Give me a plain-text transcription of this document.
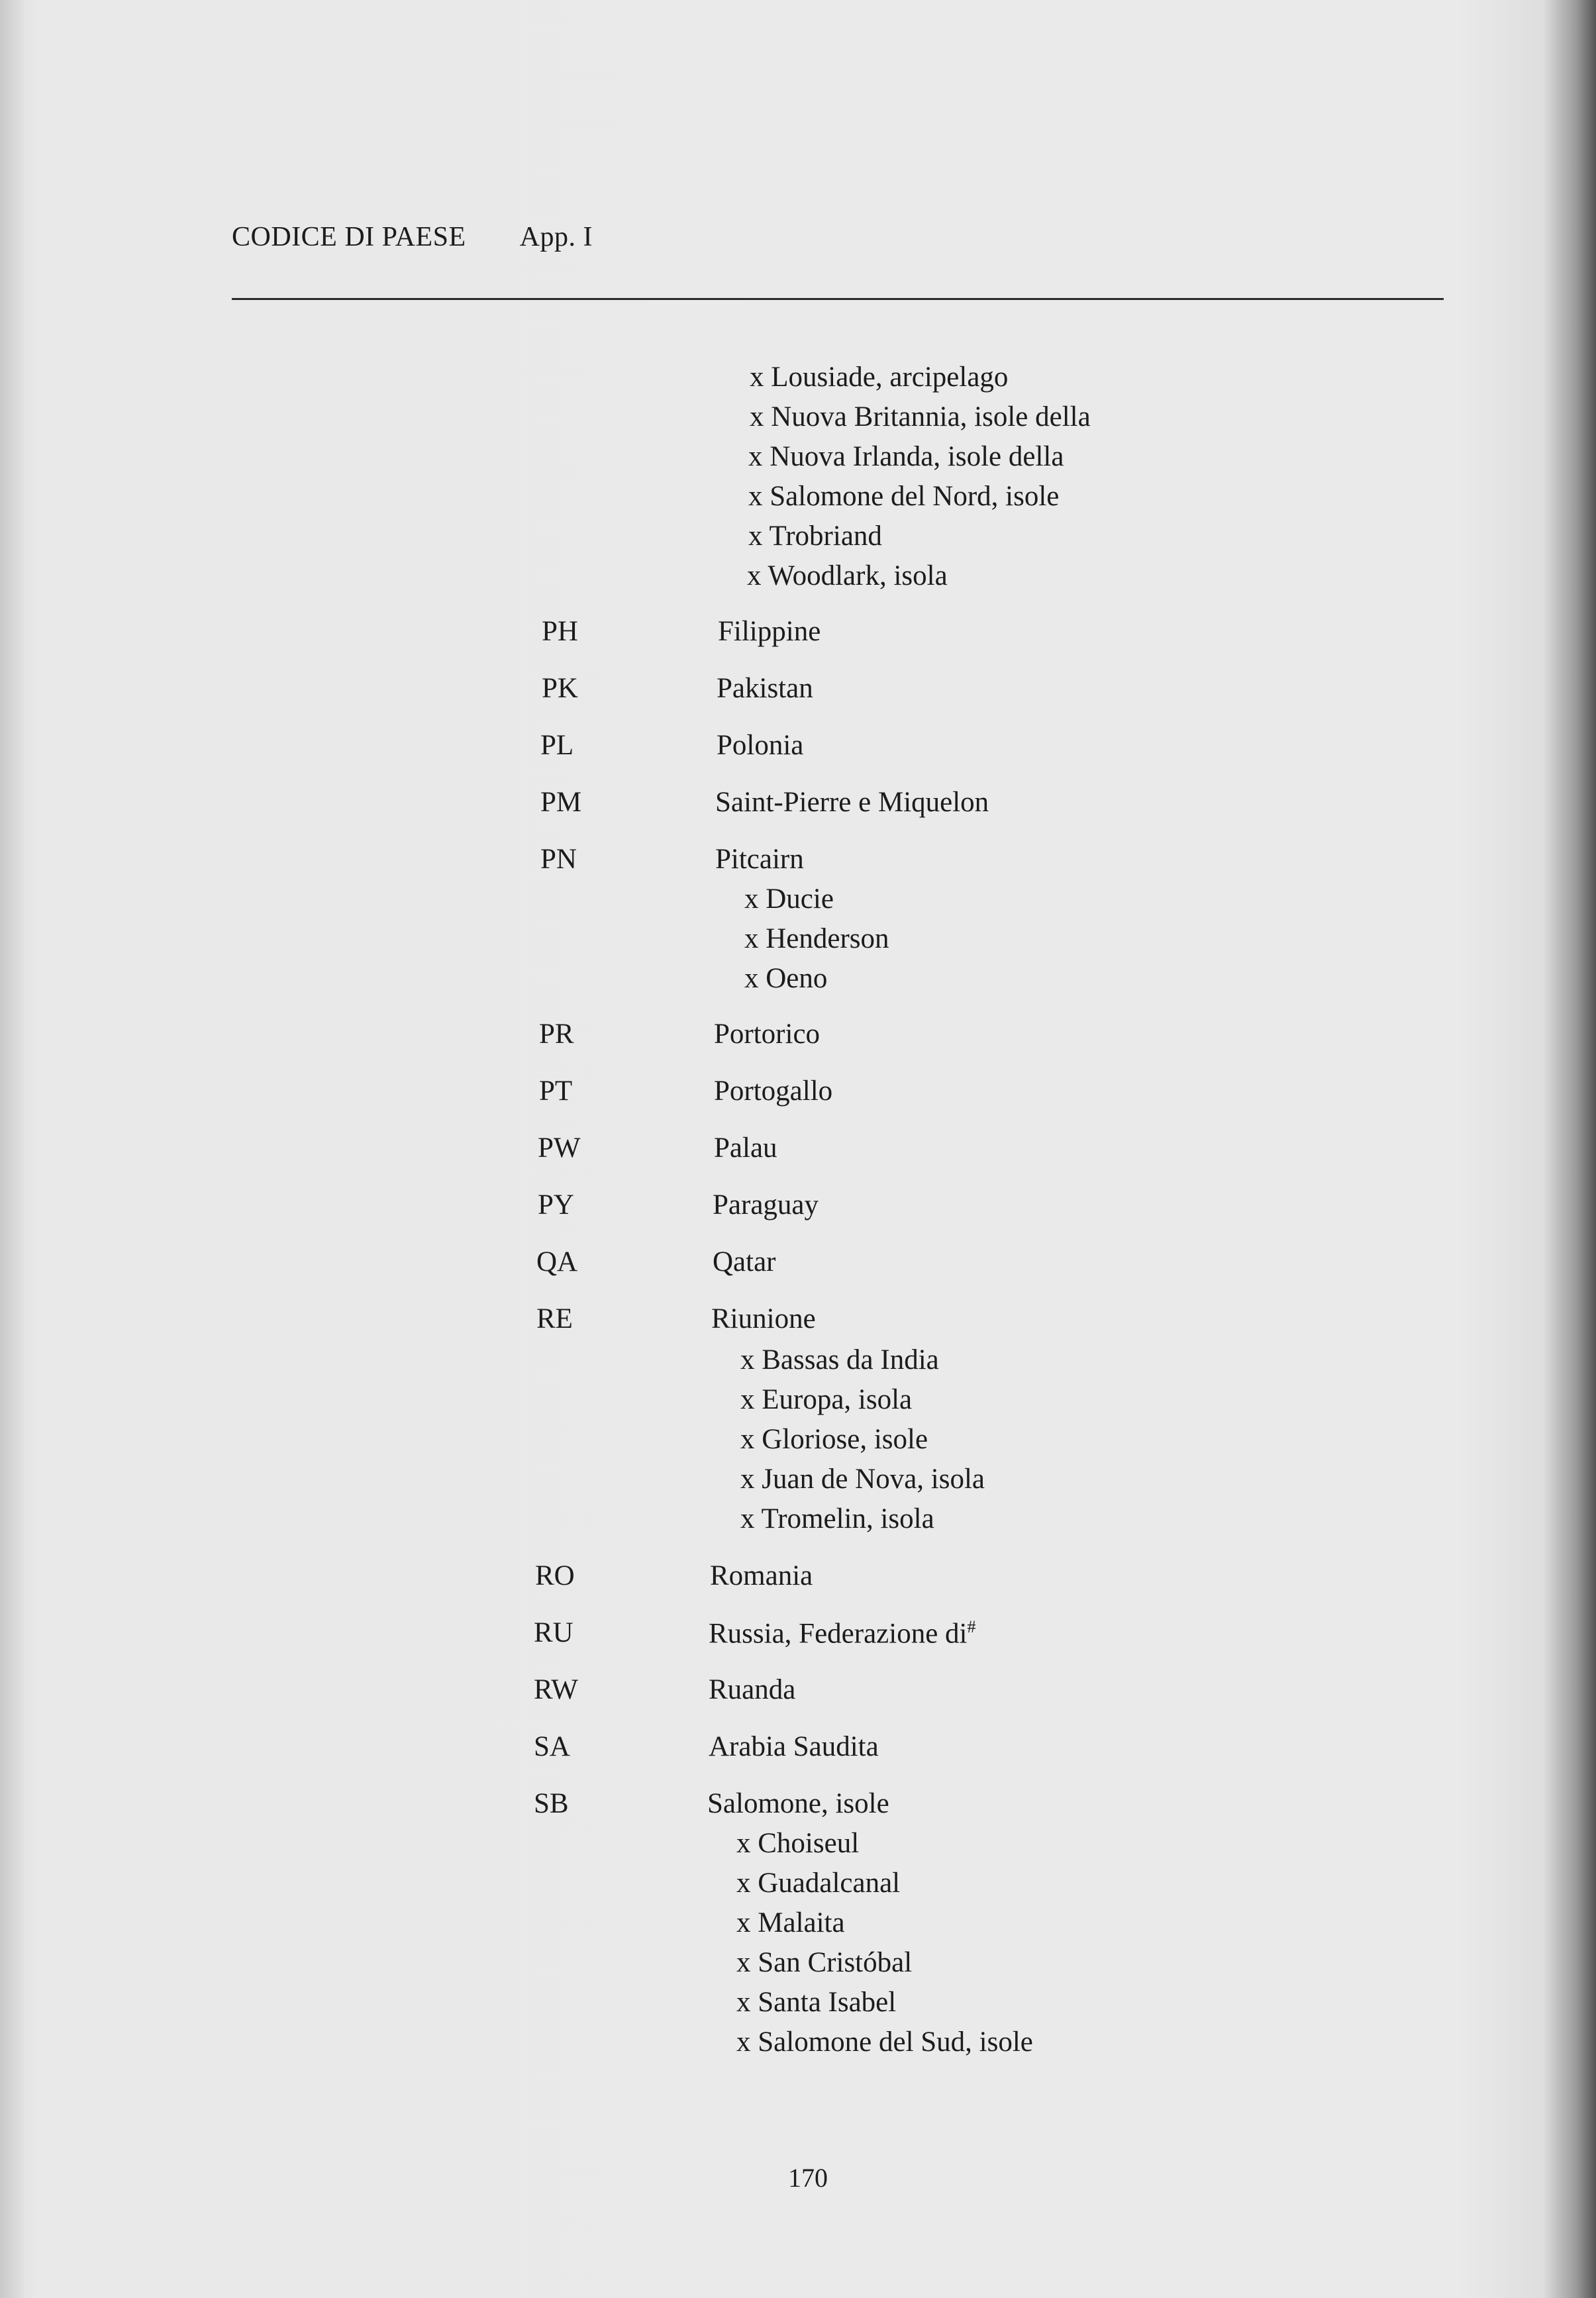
CODICE DI PAESE App. I
x Lousiade, arcipelago
x Nuova Britannia, isole della
x Nuova Irlanda, isole della
x Salomone del Nord, isole
x Trobriand
x Woodlark, isola
PH	Filippine
PK	Pakistan
PL	Polonia
PM	Saint-Pierre e Miquelon
PN	Pitcairn
x Ducie
x Henderson
x Oeno
PR	Portorico
PT	Portogallo
PW	Palau
PY	Paraguay
QA	Qatar
RE	Riunione
x Bassas da India
x Europa, isola
x Gloriose, isole
x Juan de Nova, isola
x Tromelin, isola
RO	Romania
RU	Russia, Federazione di#
RW	Ruanda
SA	Arabia Saudita
SB	Salomone, isole
x Choiseul
x Guadalcanal
x Malaita
x San Cristóbal
x Santa Isabel
x Salomone del Sud, isole
170
